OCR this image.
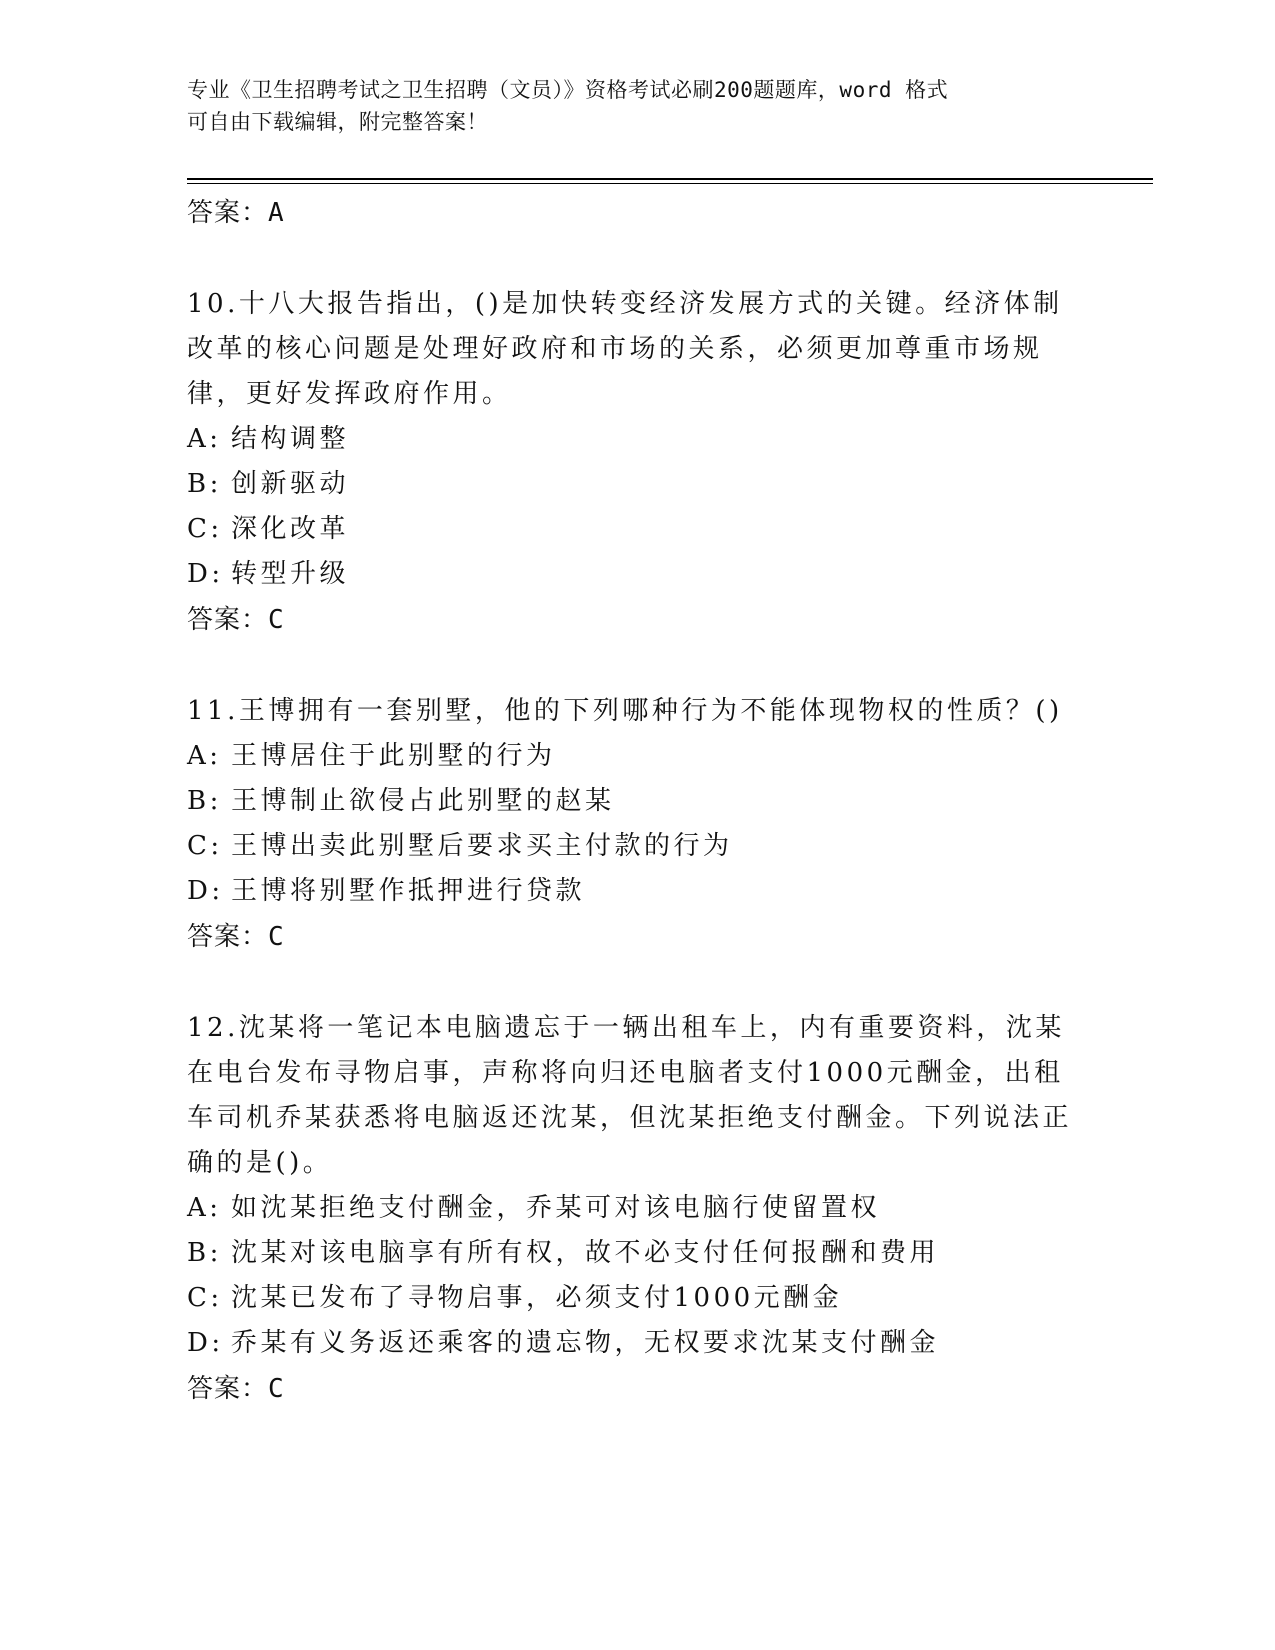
专业《卫生招聘考试之卫生招聘（文员）》资格考试必刷200题题库，word 格式
可自由下载编辑，附完整答案！
答案：A
10.十八大报告指出，()是加快转变经济发展方式的关键。经济体制改革的核心问题是处理好政府和市场的关系，必须更加尊重市场规律，更好发挥政府作用。
A: 结构调整
B: 创新驱动
C: 深化改革
D: 转型升级
答案：C
11.王博拥有一套别墅，他的下列哪种行为不能体现物权的性质？()
A: 王博居住于此别墅的行为
B: 王博制止欲侵占此别墅的赵某
C: 王博出卖此别墅后要求买主付款的行为
D: 王博将别墅作抵押进行贷款
答案：C
12.沈某将一笔记本电脑遗忘于一辆出租车上，内有重要资料，沈某在电台发布寻物启事，声称将向归还电脑者支付1000元酬金，出租车司机乔某获悉将电脑返还沈某，但沈某拒绝支付酬金。下列说法正确的是()。
A: 如沈某拒绝支付酬金，乔某可对该电脑行使留置权
B: 沈某对该电脑享有所有权，故不必支付任何报酬和费用
C: 沈某已发布了寻物启事，必须支付1000元酬金
D: 乔某有义务返还乘客的遗忘物，无权要求沈某支付酬金
答案：C
